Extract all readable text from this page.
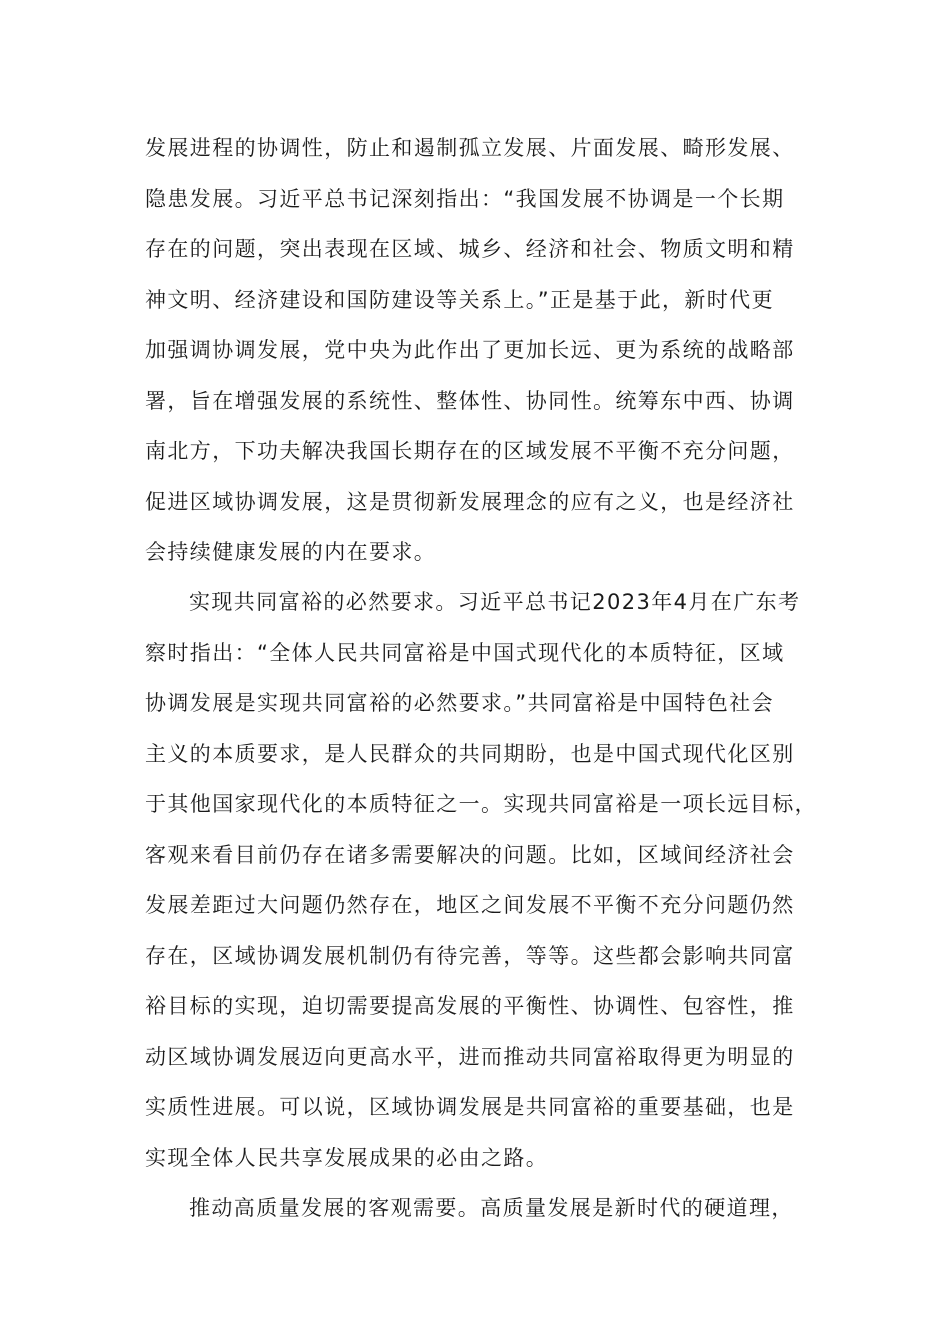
发展进程的协调性，防止和遏制孤立发展、片面发展、畸形发展、
隐患发展。习近平总书记深刻指出：“我国发展不协调是一个长期
存在的问题，突出表现在区域、城乡、经济和社会、物质文明和精
神文明、经济建设和国防建设等关系上。”正是基于此，新时代更
加强调协调发展，党中央为此作出了更加长远、更为系统的战略部
署，旨在增强发展的系统性、整体性、协同性。统筹东中西、协调
南北方，下功夫解决我国长期存在的区域发展不平衡不充分问题，
促进区域协调发展，这是贯彻新发展理念的应有之义，也是经济社
会持续健康发展的内在要求。
实现共同富裕的必然要求。习近平总书记2023年4月在广东考
察时指出：“全体人民共同富裕是中国式现代化的本质特征，区域
协调发展是实现共同富裕的必然要求。”共同富裕是中国特色社会
主义的本质要求，是人民群众的共同期盼，也是中国式现代化区别
于其他国家现代化的本质特征之一。实现共同富裕是一项长远目标，
客观来看目前仍存在诸多需要解决的问题。比如，区域间经济社会
发展差距过大问题仍然存在，地区之间发展不平衡不充分问题仍然
存在，区域协调发展机制仍有待完善，等等。这些都会影响共同富
裕目标的实现，迫切需要提高发展的平衡性、协调性、包容性，推
动区域协调发展迈向更高水平，进而推动共同富裕取得更为明显的
实质性进展。可以说，区域协调发展是共同富裕的重要基础，也是
实现全体人民共享发展成果的必由之路。
推动高质量发展的客观需要。高质量发展是新时代的硬道理，
